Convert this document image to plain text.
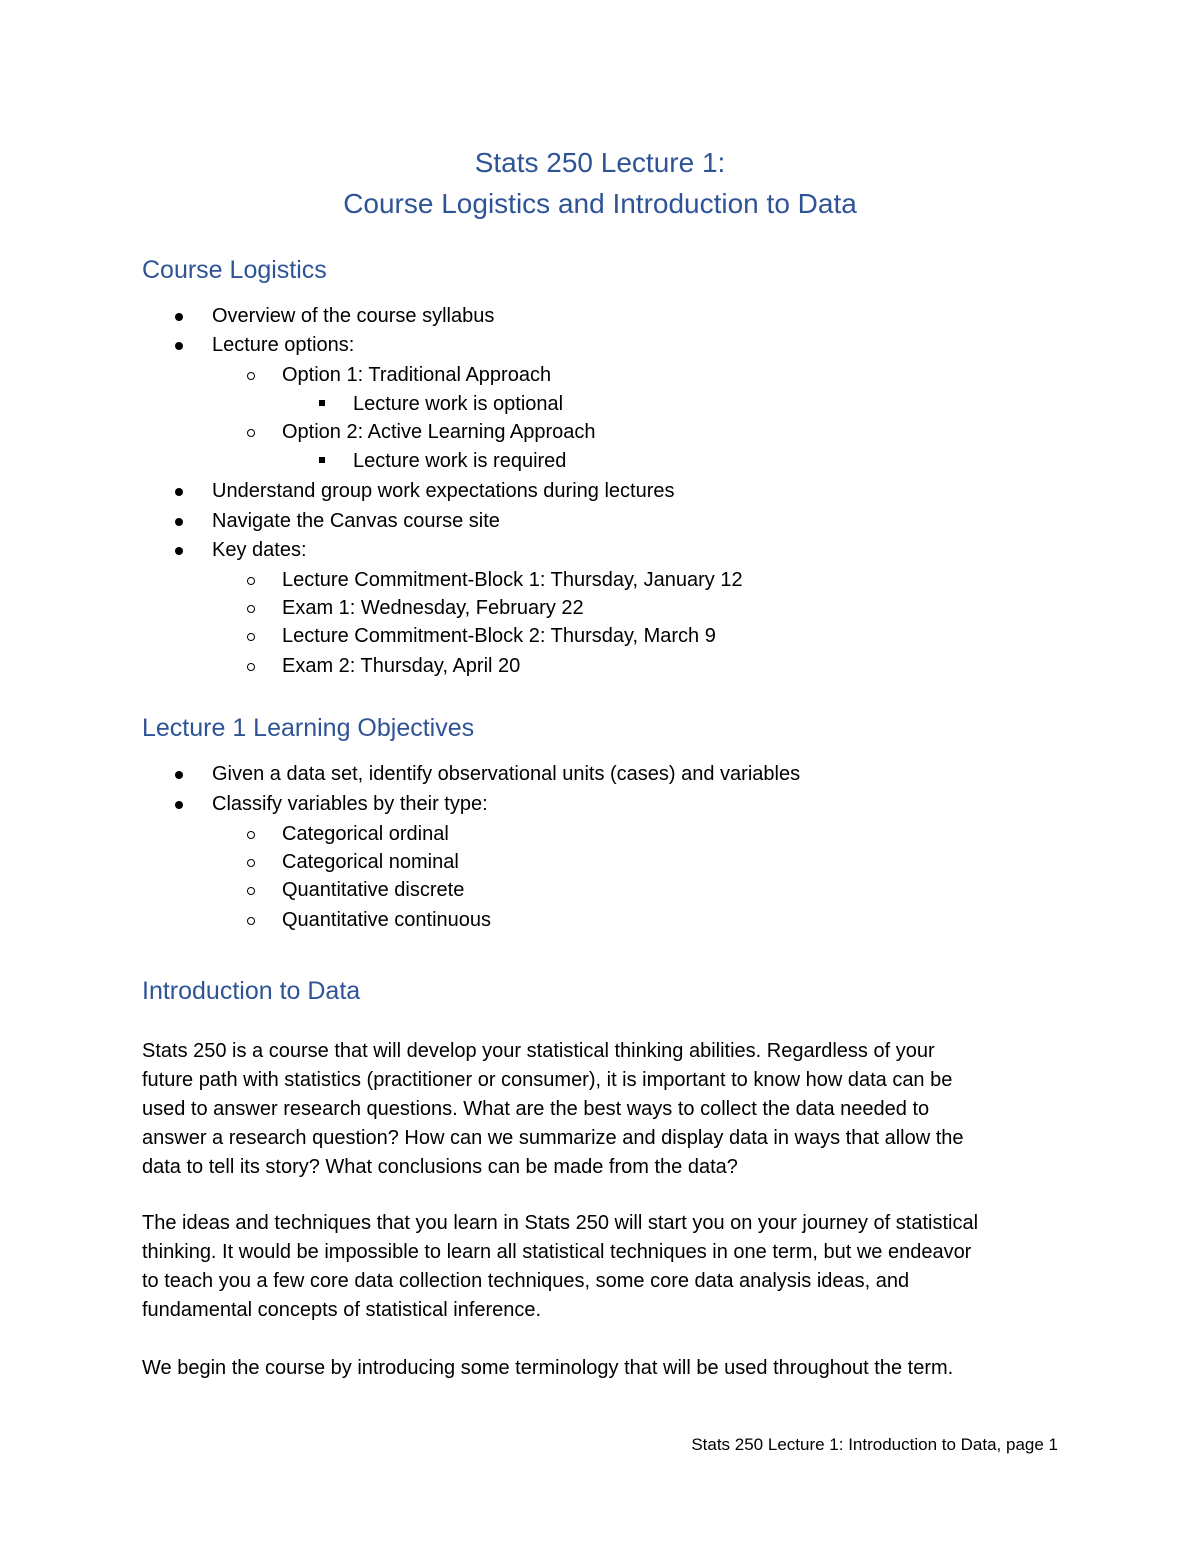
Stats 250 Lecture 1:
Course Logistics and Introduction to Data
Course Logistics
Overview of the course syllabus
Lecture options:
Option 1: Traditional Approach
Lecture work is optional
Option 2: Active Learning Approach
Lecture work is required
Understand group work expectations during lectures
Navigate the Canvas course site
Key dates:
Lecture Commitment-Block 1: Thursday, January 12
Exam 1: Wednesday, February 22
Lecture Commitment-Block 2: Thursday, March 9
Exam 2: Thursday, April 20
Lecture 1 Learning Objectives
Given a data set, identify observational units (cases) and variables
Classify variables by their type:
Categorical ordinal
Categorical nominal
Quantitative discrete
Quantitative continuous
Introduction to Data

Stats 250 is a course that will develop your statistical thinking abilities. Regardless of your
future path with statistics (practitioner or consumer), it is important to know how data can be
used to answer research questions. What are the best ways to collect the data needed to
answer a research question? How can we summarize and display data in ways that allow the
data to tell its story? What conclusions can be made from the data?

The ideas and techniques that you learn in Stats 250 will start you on your journey of statistical
thinking. It would be impossible to learn all statistical techniques in one term, but we endeavor
to teach you a few core data collection techniques, some core data analysis ideas, and
fundamental concepts of statistical inference.

We begin the course by introducing some terminology that will be used throughout the term.

Stats 250 Lecture 1: Introduction to Data, page 1
